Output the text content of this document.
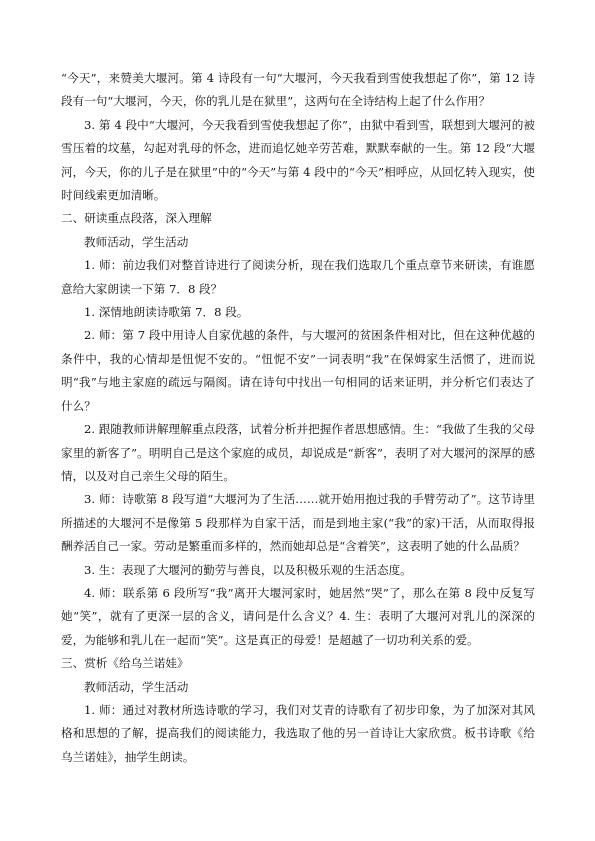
“今天”，来赞美大堰河。第 4 诗段有一句“大堰河，今天我看到雪使我想起了你”，第 12 诗段有一句“大堰河，今天，你的乳儿是在狱里”，这两句在全诗结构上起了什么作用？

3. 第 4 段中“大堰河，今天我看到雪使我想起了你”，由狱中看到雪，联想到大堰河的被雪压着的坟墓，勾起对乳母的怀念，进而追忆她辛劳苦难，默默奉献的一生。第 12 段“大堰河，今天，你的儿子是在狱里”中的“今天”与第 4 段中的“今天”相呼应，从回忆转入现实，使时间线索更加清晰。

二、研读重点段落，深入理解

教师活动，学生活动

1. 师：前边我们对整首诗进行了阅读分析，现在我们选取几个重点章节来研读，有谁愿意给大家朗读一下第 7．8 段？

1. 深情地朗读诗歌第 7．8 段。

2. 师：第 7 段中用诗人自家优越的条件，与大堰河的贫困条件相对比，但在这种优越的条件中，我的心情却是忸怩不安的。“忸怩不安”一词表明“我”在保姆家生活惯了，进而说明“我”与地主家庭的疏远与隔阂。请在诗句中找出一句相同的话来证明，并分析它们表达了什么？

2. 跟随教师讲解理解重点段落，试着分析并把握作者思想感情。生：“我做了生我的父母家里的新客了”。明明自己是这个家庭的成员，却说成是“新客”，表明了对大堰河的深厚的感情，以及对自己亲生父母的陌生。

3. 师：诗歌第 8 段写道“大堰河为了生活……就开始用抱过我的手臂劳动了”。这节诗里所描述的大堰河不是像第 5 段那样为自家干活，而是到地主家(“我”的家)干活，从而取得报酬养活自己一家。劳动是繁重而多样的，然而她却总是“含着笑”，这表明了她的什么品质？

3. 生：表现了大堰河的勤劳与善良，以及积极乐观的生活态度。

4. 师：联系第 6 段所写“我”离开大堰河家时，她居然“哭”了，那么在第 8 段中反复写她“笑”，就有了更深一层的含义，请问是什么含义？4. 生：表明了大堰河对乳儿的深深的爱，为能够和乳儿在一起而“笑”。这是真正的母爱！是超越了一切功利关系的爱。

三、赏析《给乌兰诺娃》

教师活动，学生活动

1. 师：通过对教材所选诗歌的学习，我们对艾青的诗歌有了初步印象，为了加深对其风格和思想的了解，提高我们的阅读能力，我选取了他的另一首诗让大家欣赏。板书诗歌《给乌兰诺娃》，抽学生朗读。
